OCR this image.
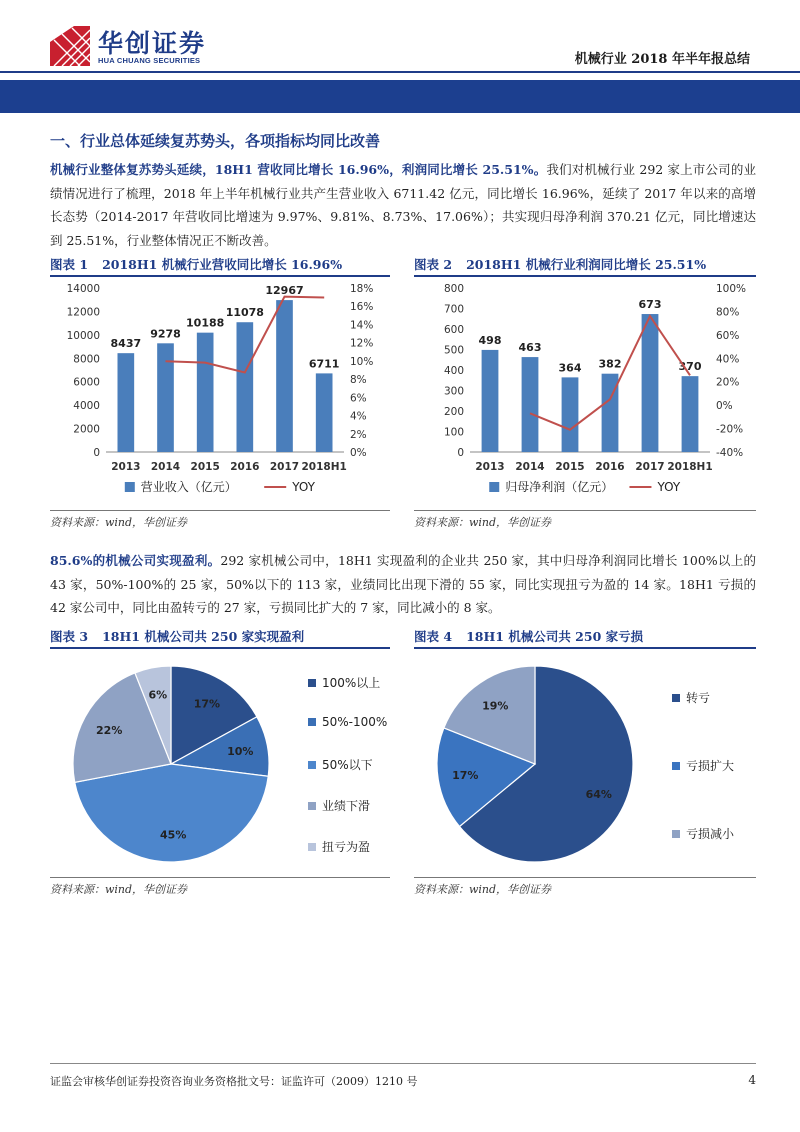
华创证券
HUA CHUANG SECURITIES	机械行业 2018 年半年报总结
一、行业总体延续复苏势头，各项指标均同比改善
机械行业整体复苏势头延续，18H1 营收同比增长 16.96%，利润同比增长 25.51%。我们对机械行业 292 家上市公司的业绩情况进行了梳理，2018 年上半年机械行业共产生营业收入 6711.42 亿元，同比增长 16.96%，延续了 2017 年以来的高增长态势（2014-2017 年营收同比增速为 9.97%、9.81%、8.73%、17.06%）；共实现归母净利润 370.21 亿元，同比增速达到 25.51%，行业整体情况正不断改善。
图表 1 2018H1 机械行业营收同比增长 16.96%	图表 2 2018H1 机械行业利润同比增长 25.51%
0
2000
4000
6000
8000
10000
12000
14000
0%
2%
4%
6%
8%
10%
12%
14%
16%
18%
8437
2013
9278
2014
10188
2015
11078
2016
12967
2017
6711
2018H1
营业收入（亿元）	YOY
0
100
200
300
400
500
600
700
800
-40%
-20%
0%
20%
40%
60%
80%
100%
498
2013
463
2014
364
2015
382
2016
673
2017
370
2018H1
归母净利润（亿元）	YOY
资料来源：wind，华创证券	资料来源：wind，华创证券
85.6%的机械公司实现盈利。292 家机械公司中，18H1 实现盈利的企业共 250 家，其中归母净利润同比增长 100%以上的 43 家，50%-100%的 25 家，50%以下的 113 家，业绩同比出现下滑的 55 家，同比实现扭亏为盈的 14 家。18H1 亏损的 42 家公司中，同比由盈转亏的 27 家，亏损同比扩大的 7 家，同比减小的 8 家。
图表 3 18H1 机械公司共 250 家实现盈利	图表 4 18H1 机械公司共 250 家亏损
17%
10%
45%
22%
6%
64%
17%
19%
100%以上
50%-100%
50%以下
业绩下滑
扭亏为盈
转亏
亏损扩大
亏损减小
资料来源：wind，华创证券	资料来源：wind，华创证券
证监会审核华创证券投资咨询业务资格批文号：证监许可（2009）1210 号	4
